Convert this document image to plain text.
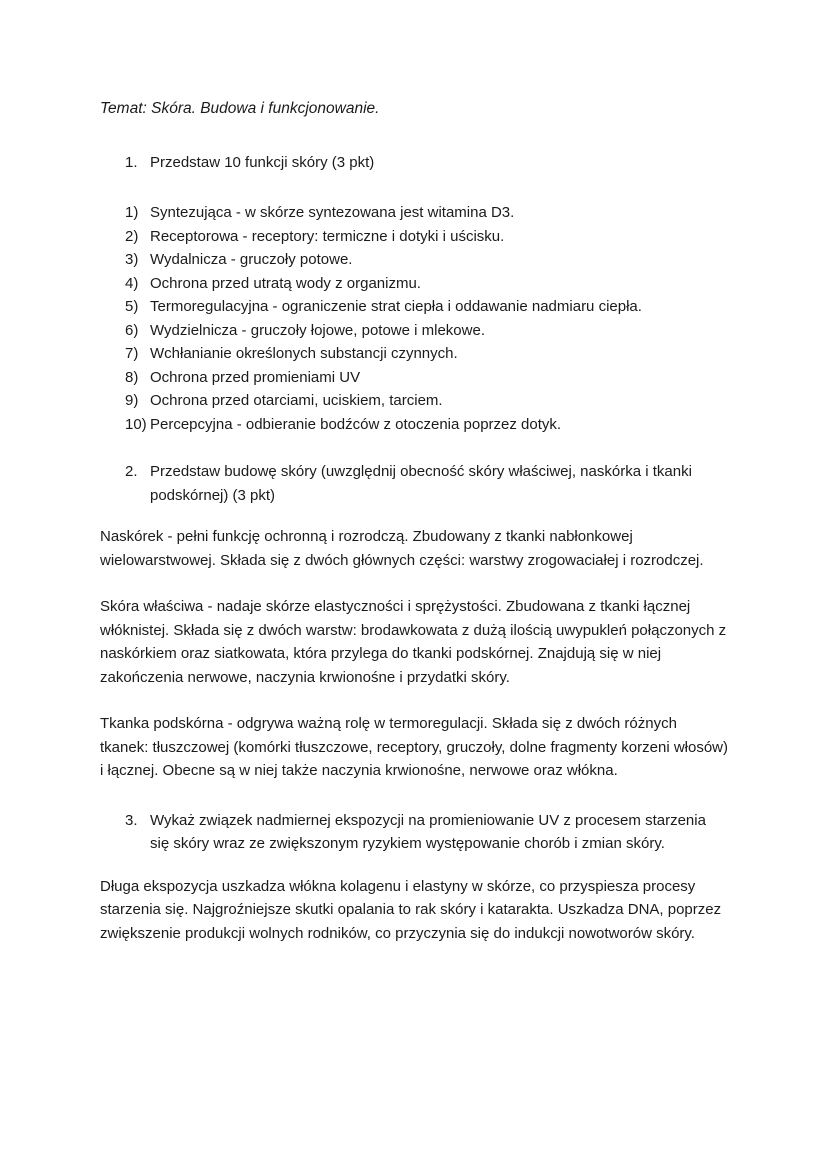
Temat: Skóra. Budowa i funkcjonowanie.
1. Przedstaw 10 funkcji skóry (3 pkt)
1) Syntezująca - w skórze syntezowana jest witamina D3.
2) Receptorowa - receptory: termiczne i dotyki i uścisku.
3) Wydalnicza - gruczoły potowe.
4) Ochrona przed utratą wody z organizmu.
5) Termoregulacyjna - ograniczenie strat ciepła i oddawanie nadmiaru ciepła.
6) Wydzielnicza - gruczoły łojowe, potowe i mlekowe.
7) Wchłanianie określonych substancji czynnych.
8) Ochrona przed promieniami UV
9) Ochrona przed otarciami, uciskiem, tarciem.
10) Percepcyjna - odbieranie bodźców z otoczenia poprzez dotyk.
2. Przedstaw budowę skóry (uwzględnij obecność skóry właściwej, naskórka i tkanki podskórnej) (3 pkt)

Naskórek - pełni funkcję ochronną i rozrodczą. Zbudowany z tkanki nabłonkowej wielowarstwowej. Składa się z dwóch głównych części: warstwy zrogowaciałej i rozrodczej.

Skóra właściwa - nadaje skórze elastyczności i sprężystości. Zbudowana z tkanki łącznej włóknistej. Składa się z dwóch warstw: brodawkowata z dużą ilością uwypukleń połączonych z naskórkiem oraz siatkowata, która przylega do tkanki podskórnej. Znajdują się w niej zakończenia nerwowe, naczynia krwionośne i przydatki skóry.

Tkanka podskórna - odgrywa ważną rolę w termoregulacji. Składa się z dwóch różnych tkanek: tłuszczowej (komórki tłuszczowe, receptory, gruczoły, dolne fragmenty korzeni włosów) i łącznej. Obecne są w niej także naczynia krwionośne, nerwowe oraz włókna.

3. Wykaż związek nadmiernej ekspozycji na promieniowanie UV z procesem starzenia się skóry wraz ze zwiększonym ryzykiem występowanie chorób i zmian skóry.

Długa ekspozycja uszkadza włókna kolagenu i elastyny w skórze, co przyspiesza procesy starzenia się. Najgroźniejsze skutki opalania to rak skóry i katarakta. Uszkadza DNA, poprzez zwiększenie produkcji wolnych rodników, co przyczynia się do indukcji nowotworów skóry.
